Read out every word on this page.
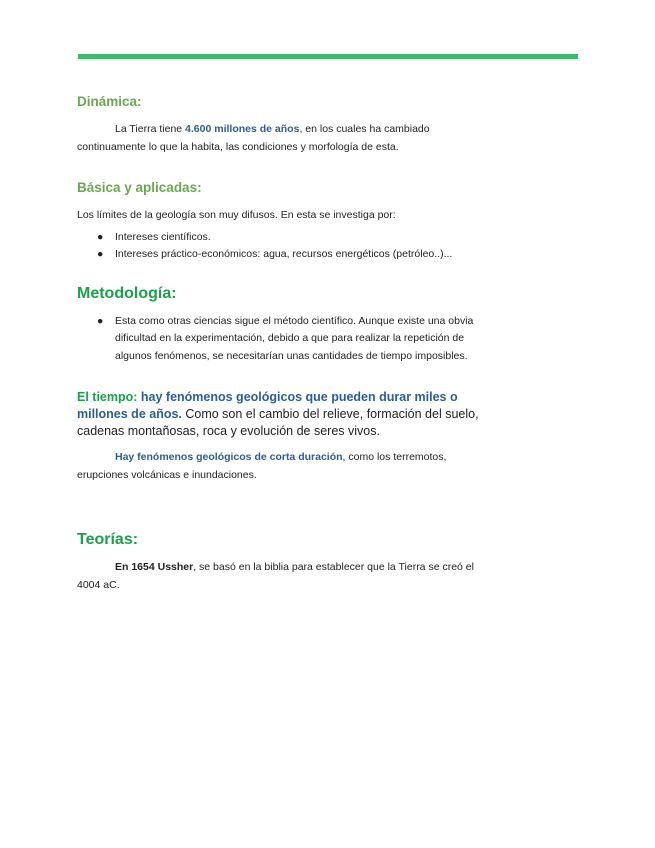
Dinámica:

La Tierra tiene 4.600 millones de años, en los cuales ha cambiado continuamente lo que la habita, las condiciones y morfología de esta.

Básica y aplicadas:

Los límites de la geología son muy difusos. En esta se investiga por:

● Intereses científicos.
● Intereses práctico-económicos: agua, recursos energéticos (petróleo..)...
Metodología:
● Esta como otras ciencias sigue el método científico. Aunque existe una obvia dificultad en la experimentación, debido a que para realizar la repetición de algunos fenómenos, se necesitarían unas cantidades de tiempo imposibles.

El tiempo: hay fenómenos geológicos que pueden durar miles o millones de años. Como son el cambio del relieve, formación del suelo, cadenas montañosas, roca y evolución de seres vivos.

Hay fenómenos geológicos de corta duración, como los terremotos, erupciones volcánicas e inundaciones.

Teorías:

En 1654 Ussher, se basó en la biblia para establecer que la Tierra se creó el 4004 aC.
